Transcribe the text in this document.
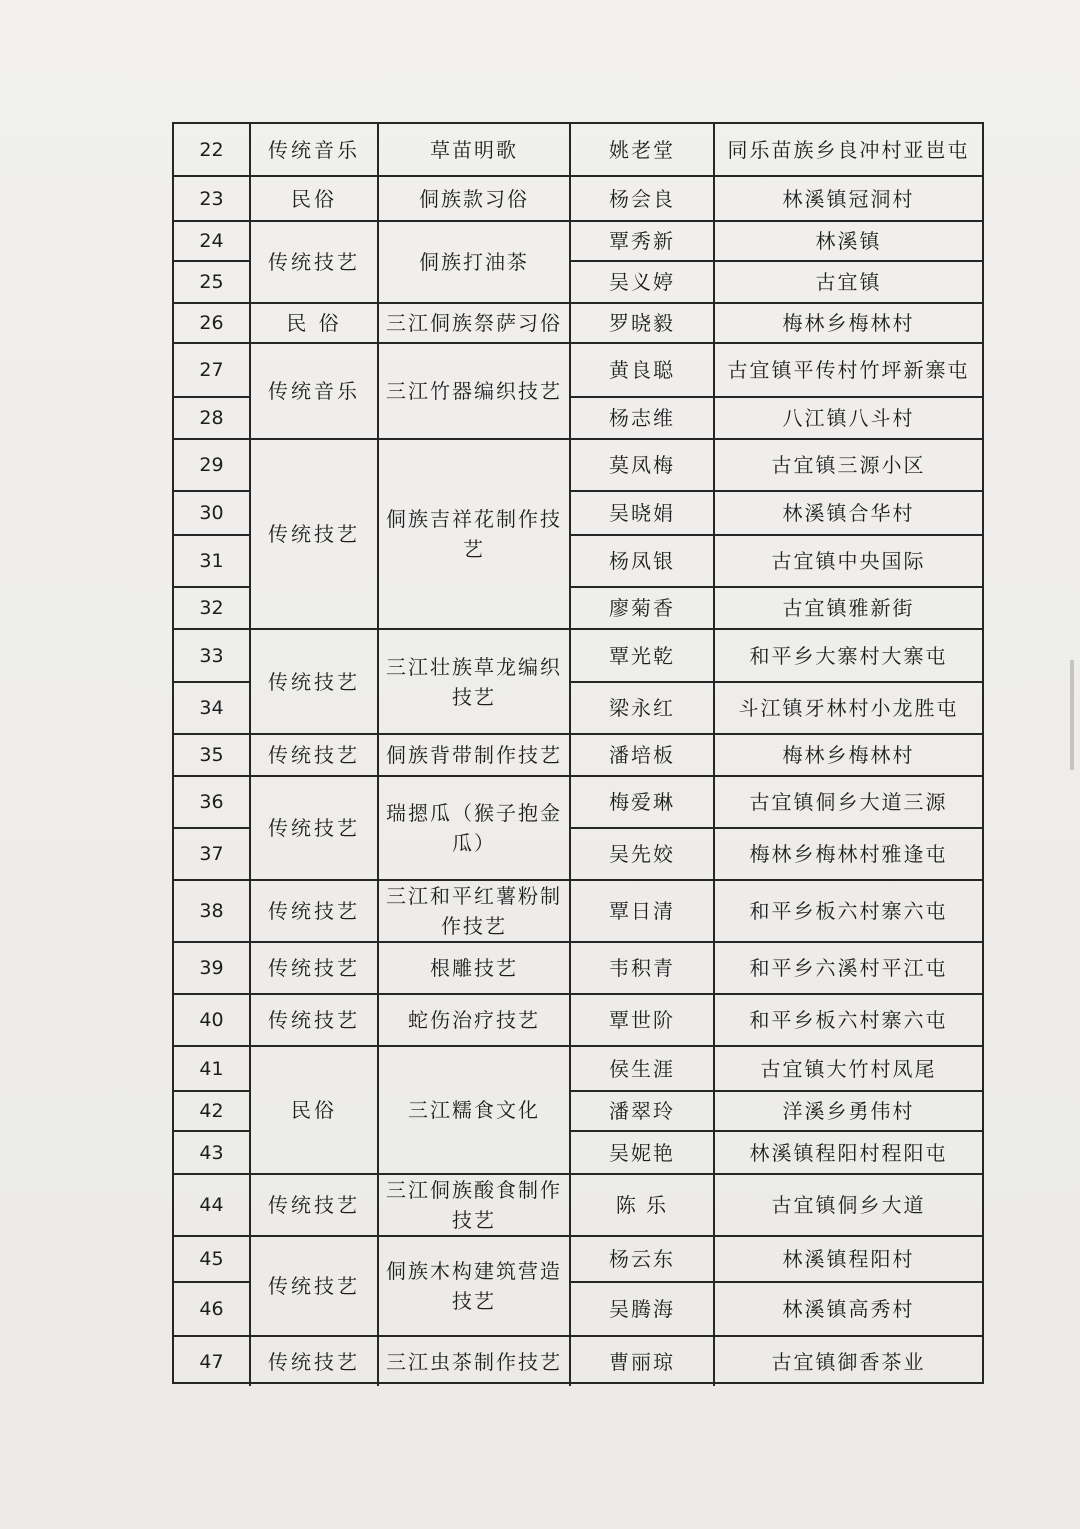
22	传统音乐	草苗明歌	姚老堂	同乐苗族乡良冲村亚岜屯
23	民俗	侗族款习俗	杨会良	林溪镇冠洞村
24	传统技艺	侗族打油茶	覃秀新	林溪镇
25			吴义婷	古宜镇
26	民 俗	三江侗族祭萨习俗	罗晓毅	梅林乡梅林村
27	传统音乐	三江竹器编织技艺	黄良聪	古宜镇平传村竹坪新寨屯
28			杨志维	八江镇八斗村
29	传统技艺	侗族吉祥花制作技艺	莫凤梅	古宜镇三源小区
30			吴晓娟	林溪镇合华村
31			杨凤银	古宜镇中央国际
32			廖菊香	古宜镇雅新街
33	传统技艺	三江壮族草龙编织技艺	覃光乾	和平乡大寨村大寨屯
34			梁永红	斗江镇牙林村小龙胜屯
35	传统技艺	侗族背带制作技艺	潘培板	梅林乡梅林村
36	传统技艺	瑞摁瓜（猴子抱金瓜）	梅爱琳	古宜镇侗乡大道三源
37			吴先姣	梅林乡梅林村雅逢屯
38	传统技艺	三江和平红薯粉制作技艺	覃日清	和平乡板六村寨六屯
39	传统技艺	根雕技艺	韦积青	和平乡六溪村平江屯
40	传统技艺	蛇伤治疗技艺	覃世阶	和平乡板六村寨六屯
41	民俗	三江糯食文化	侯生涯	古宜镇大竹村凤尾
42			潘翠玲	洋溪乡勇伟村
43			吴妮艳	林溪镇程阳村程阳屯
44	传统技艺	三江侗族酸食制作技艺	陈 乐	古宜镇侗乡大道
45	传统技艺	侗族木构建筑营造技艺	杨云东	林溪镇程阳村
46			吴腾海	林溪镇高秀村
47	传统技艺	三江虫茶制作技艺	曹丽琼	古宜镇御香茶业
